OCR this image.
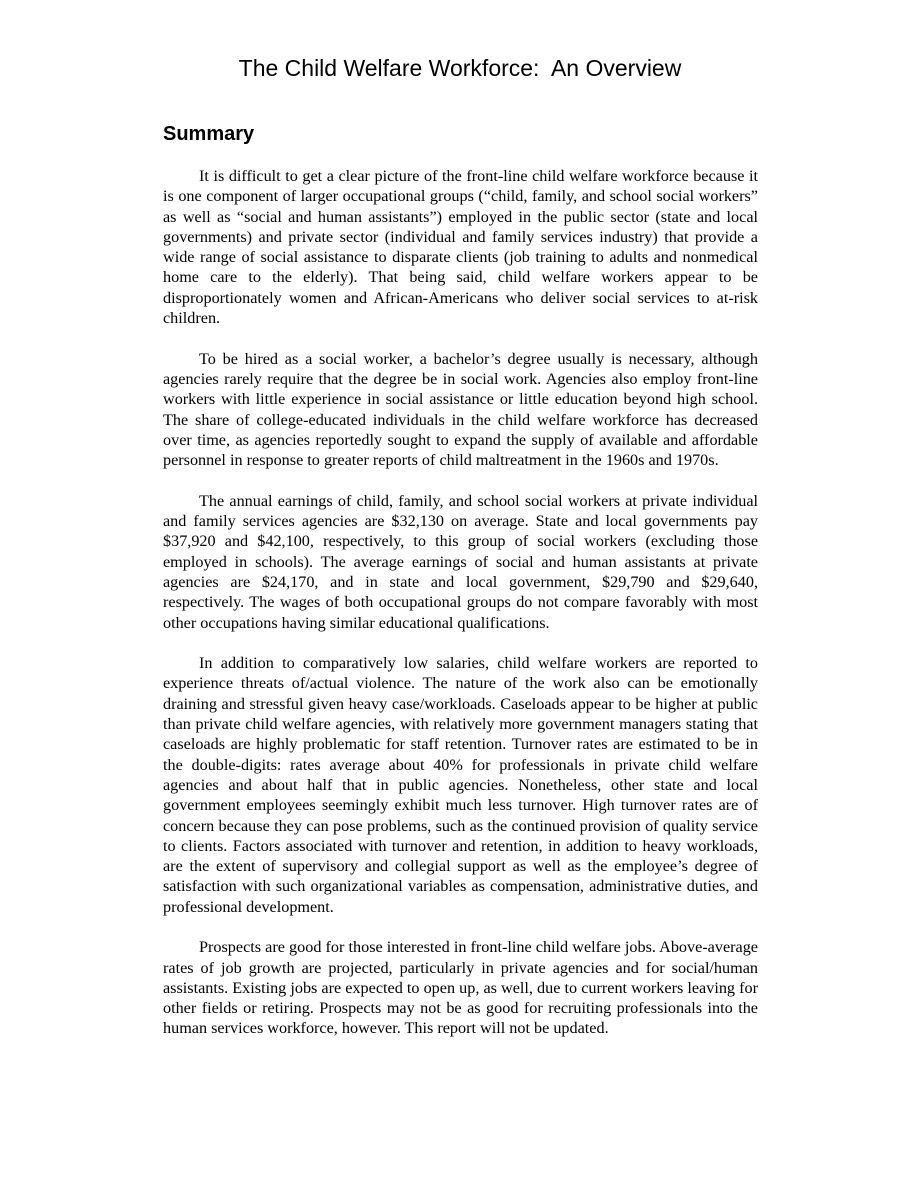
The Child Welfare Workforce:  An Overview
Summary

It is difficult to get a clear picture of the front-line child welfare workforce because it is one component of larger occupational groups (“child, family, and school social workers” as well as “social and human assistants”) employed in the public sector (state and local governments) and private sector (individual and family services industry) that provide a wide range of social assistance to disparate clients (job training to adults and nonmedical home care to the elderly). That being said, child welfare workers appear to be disproportionately women and African-Americans who deliver social services to at-risk children.

To be hired as a social worker, a bachelor’s degree usually is necessary, although agencies rarely require that the degree be in social work. Agencies also employ front-line workers with little experience in social assistance or little education beyond high school. The share of college-educated individuals in the child welfare workforce has decreased over time, as agencies reportedly sought to expand the supply of available and affordable personnel in response to greater reports of child maltreatment in the 1960s and 1970s.

The annual earnings of child, family, and school social workers at private individual and family services agencies are $32,130 on average. State and local governments pay $37,920 and $42,100, respectively, to this group of social workers (excluding those employed in schools). The average earnings of social and human assistants at private agencies are $24,170, and in state and local government, $29,790 and $29,640, respectively. The wages of both occupational groups do not compare favorably with most other occupations having similar educational qualifications.

In addition to comparatively low salaries, child welfare workers are reported to experience threats of/actual violence. The nature of the work also can be emotionally draining and stressful given heavy case/workloads. Caseloads appear to be higher at public than private child welfare agencies, with relatively more government managers stating that caseloads are highly problematic for staff retention. Turnover rates are estimated to be in the double-digits: rates average about 40% for professionals in private child welfare agencies and about half that in public agencies. Nonetheless, other state and local government employees seemingly exhibit much less turnover. High turnover rates are of concern because they can pose problems, such as the continued provision of quality service to clients. Factors associated with turnover and retention, in addition to heavy workloads, are the extent of supervisory and collegial support as well as the employee’s degree of satisfaction with such organizational variables as compensation, administrative duties, and professional development.

Prospects are good for those interested in front-line child welfare jobs. Above-average rates of job growth are projected, particularly in private agencies and for social/human assistants. Existing jobs are expected to open up, as well, due to current workers leaving for other fields or retiring. Prospects may not be as good for recruiting professionals into the human services workforce, however. This report will not be updated.
